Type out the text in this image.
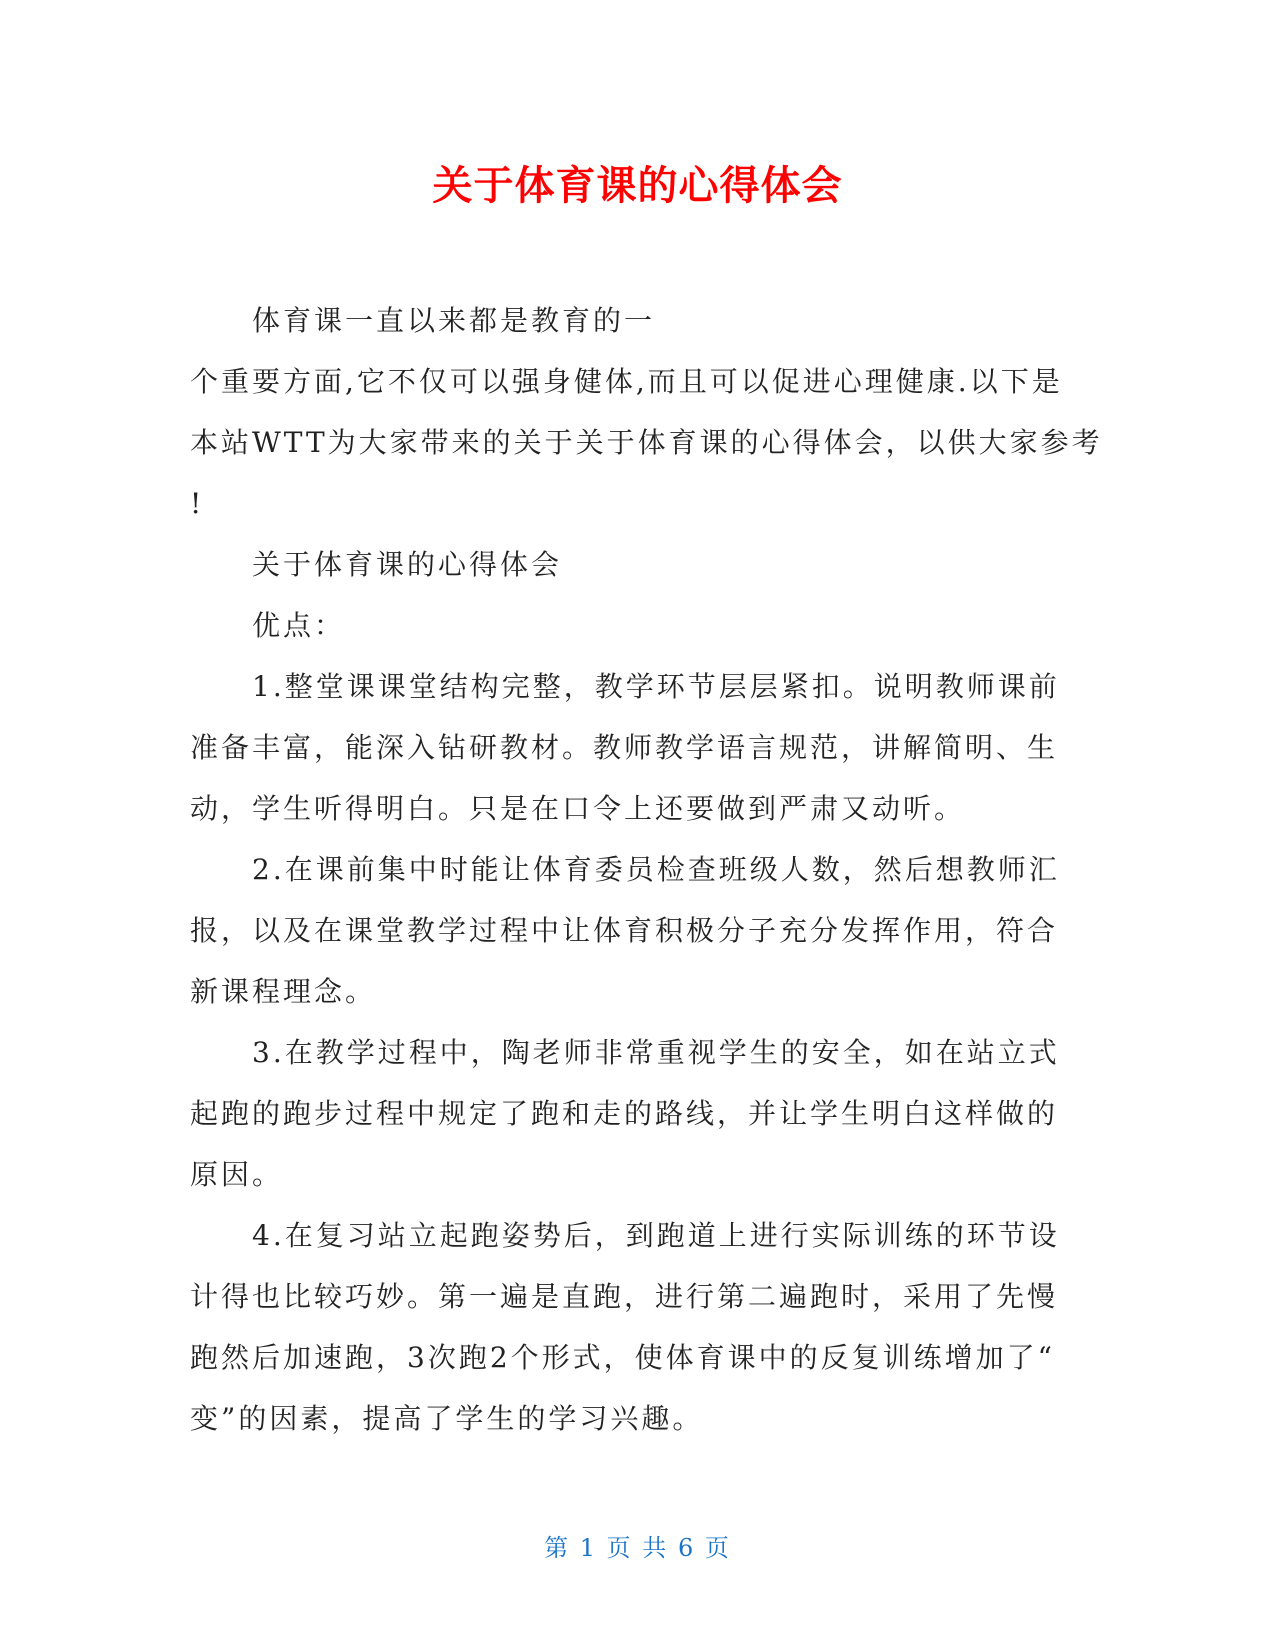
关于体育课的心得体会

体育课一直以来都是教育的一

个重要方面,它不仅可以强身健体,而且可以促进心理健康.以下是

本站WTT为大家带来的关于关于体育课的心得体会，以供大家参考

!

关于体育课的心得体会

优点：

1.整堂课课堂结构完整，教学环节层层紧扣。说明教师课前

准备丰富，能深入钻研教材。教师教学语言规范，讲解简明、生

动，学生听得明白。只是在口令上还要做到严肃又动听。

2.在课前集中时能让体育委员检查班级人数，然后想教师汇

报，以及在课堂教学过程中让体育积极分子充分发挥作用，符合

新课程理念。

3.在教学过程中，陶老师非常重视学生的安全，如在站立式

起跑的跑步过程中规定了跑和走的路线，并让学生明白这样做的

原因。

4.在复习站立起跑姿势后，到跑道上进行实际训练的环节设

计得也比较巧妙。第一遍是直跑，进行第二遍跑时，采用了先慢

跑然后加速跑，3次跑2个形式，使体育课中的反复训练增加了“

变”的因素，提高了学生的学习兴趣。

第 1 页 共 6 页
